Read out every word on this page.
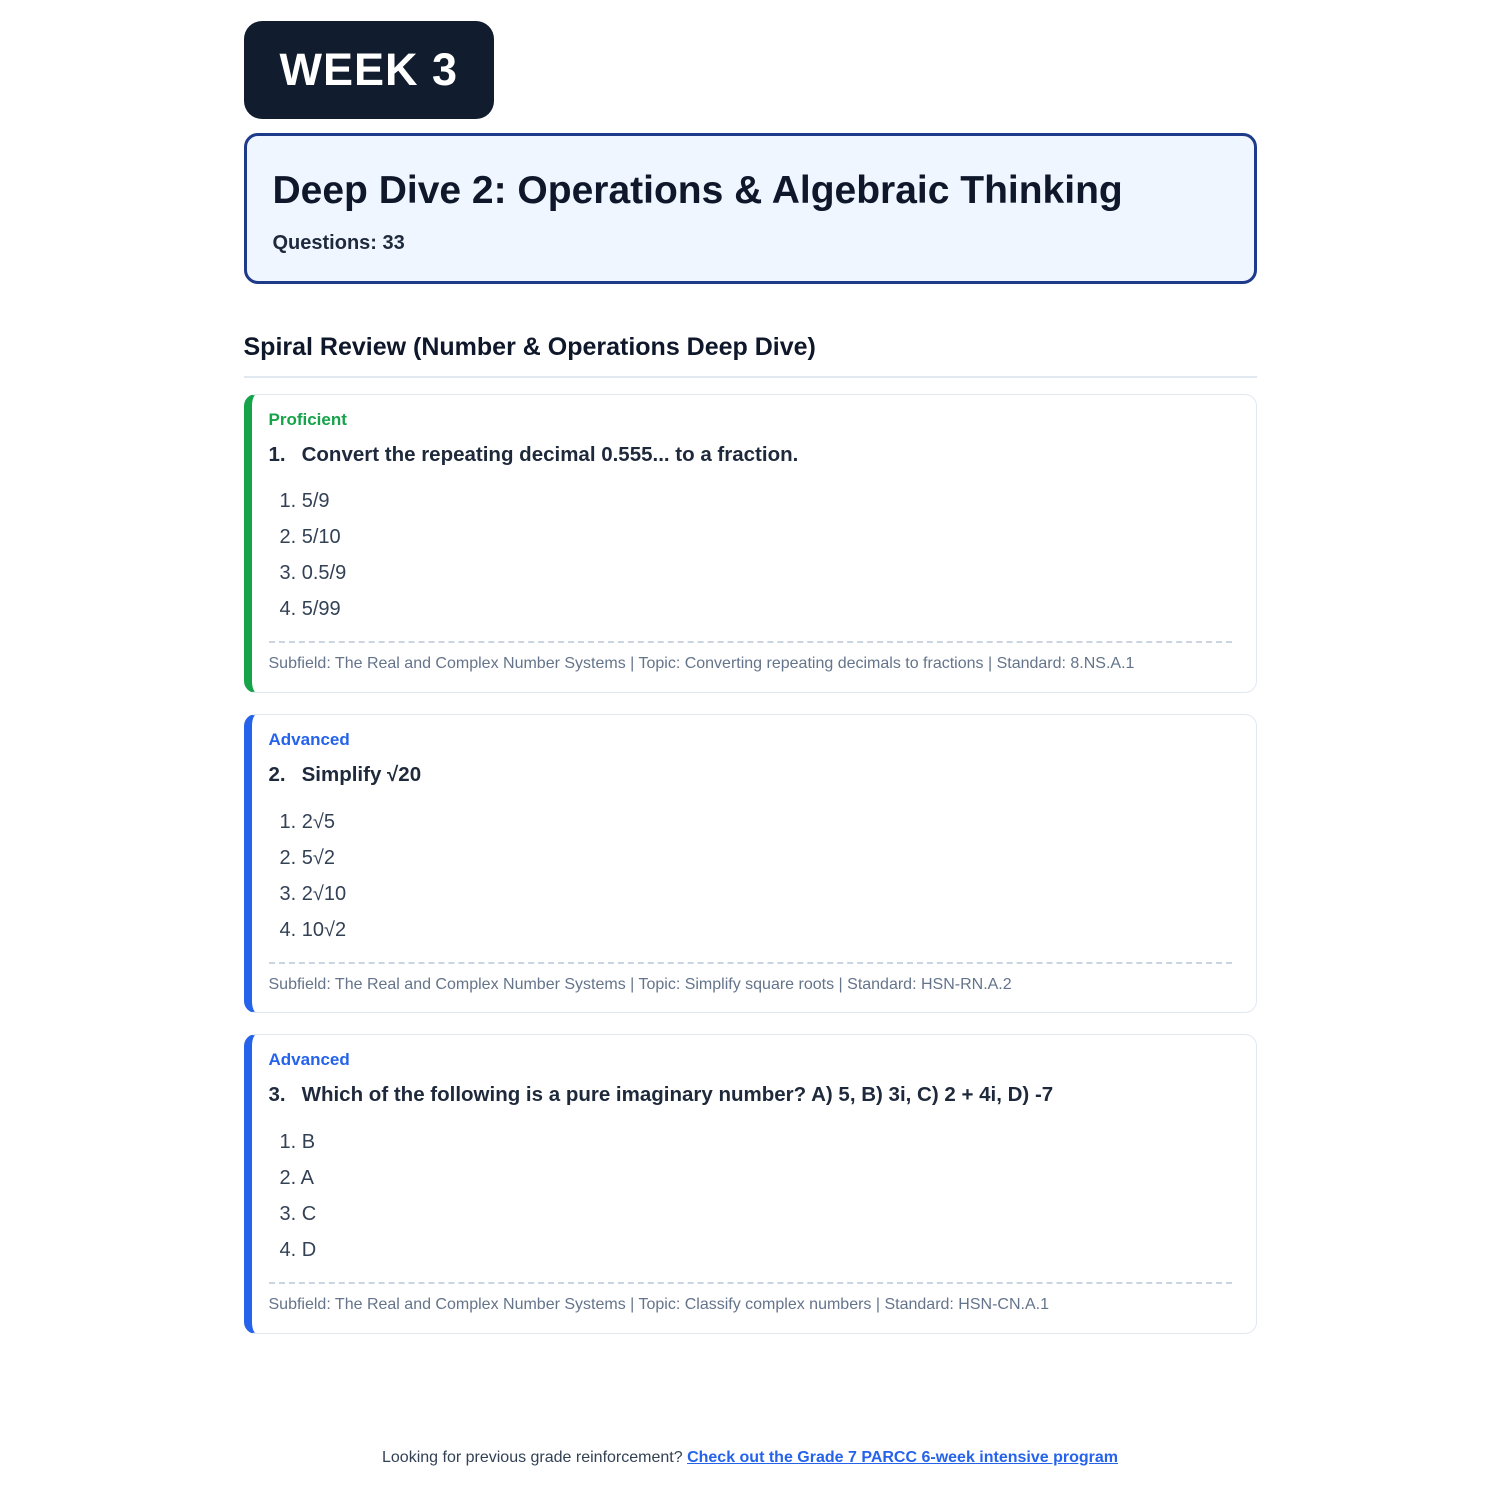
WEEK 3
Deep Dive 2: Operations & Algebraic Thinking
Questions: 33
Spiral Review (Number & Operations Deep Dive)
Proficient
1. Convert the repeating decimal 0.555... to a fraction.
5/9
5/10
0.5/9
5/99
Subfield: The Real and Complex Number Systems | Topic: Converting repeating decimals to fractions | Standard: 8.NS.A.1
Advanced
2. Simplify √20
2√5
5√2
2√10
10√2
Subfield: The Real and Complex Number Systems | Topic: Simplify square roots | Standard: HSN-RN.A.2
Advanced
3. Which of the following is a pure imaginary number? A) 5, B) 3i, C) 2 + 4i, D) -7
B
A
C
D
Subfield: The Real and Complex Number Systems | Topic: Classify complex numbers | Standard: HSN-CN.A.1
Looking for previous grade reinforcement? Check out the Grade 7 PARCC 6-week intensive program
